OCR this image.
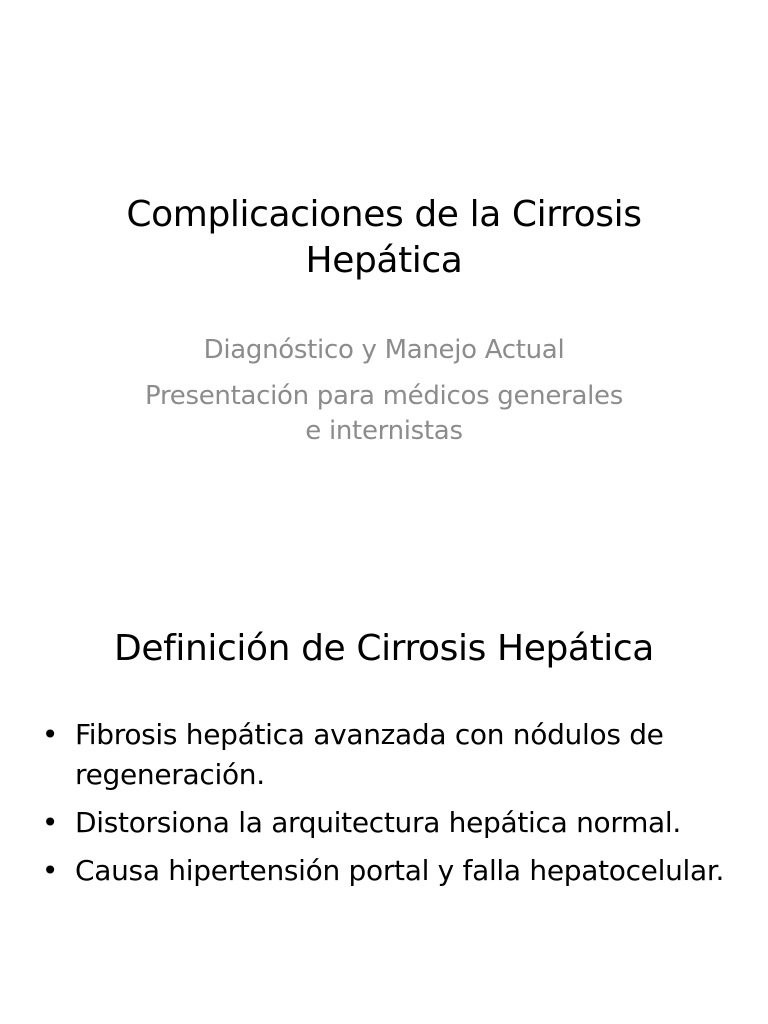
Complicaciones de la Cirrosis
Hepática
Diagnóstico y Manejo Actual
Presentación para médicos generales
e internistas
Definición de Cirrosis Hepática
• Fibrosis hepática avanzada con nódulos de regeneración.
• Distorsiona la arquitectura hepática normal.
• Causa hipertensión portal y falla hepatocelular.
